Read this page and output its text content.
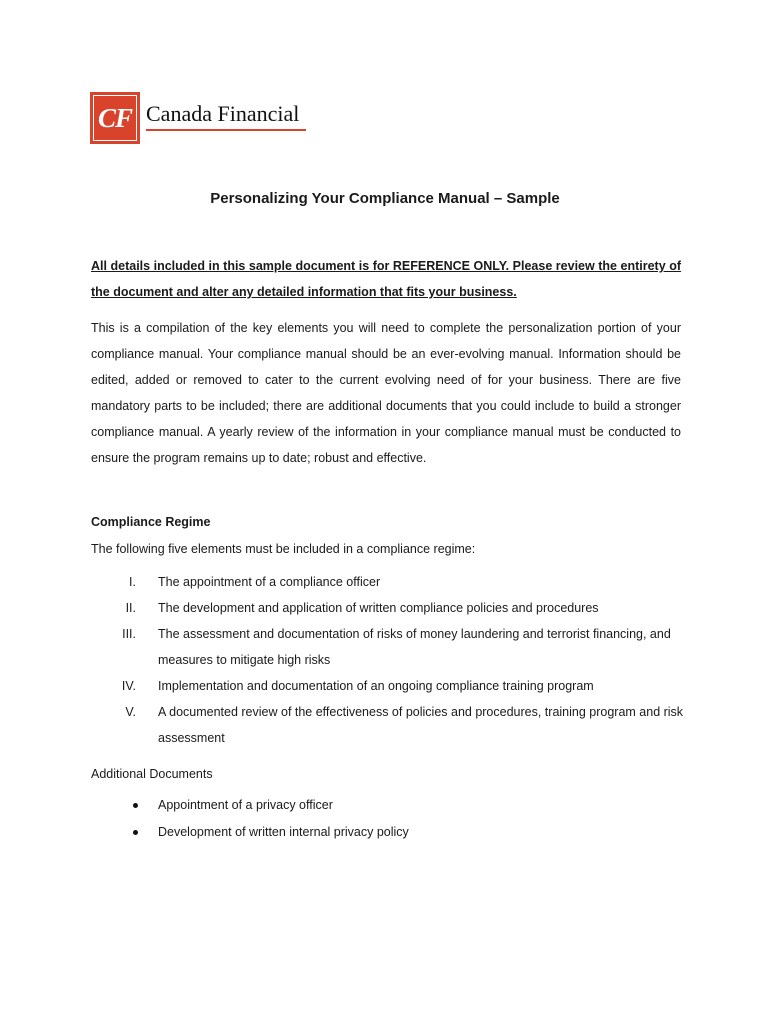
CF Canada Financial
Personalizing Your Compliance Manual – Sample
All details included in this sample document is for REFERENCE ONLY. Please review the entirety of the document and alter any detailed information that fits your business.
This is a compilation of the key elements you will need to complete the personalization portion of your compliance manual. Your compliance manual should be an ever-evolving manual. Information should be edited, added or removed to cater to the current evolving need of for your business. There are five mandatory parts to be included; there are additional documents that you could include to build a stronger compliance manual. A yearly review of the information in your compliance manual must be conducted to ensure the program remains up to date; robust and effective.
Compliance Regime
The following five elements must be included in a compliance regime:
I. The appointment of a compliance officer
II. The development and application of written compliance policies and procedures
III. The assessment and documentation of risks of money laundering and terrorist financing, and measures to mitigate high risks
IV. Implementation and documentation of an ongoing compliance training program
V. A documented review of the effectiveness of policies and procedures, training program and risk assessment
Additional Documents
Appointment of a privacy officer
Development of written internal privacy policy
